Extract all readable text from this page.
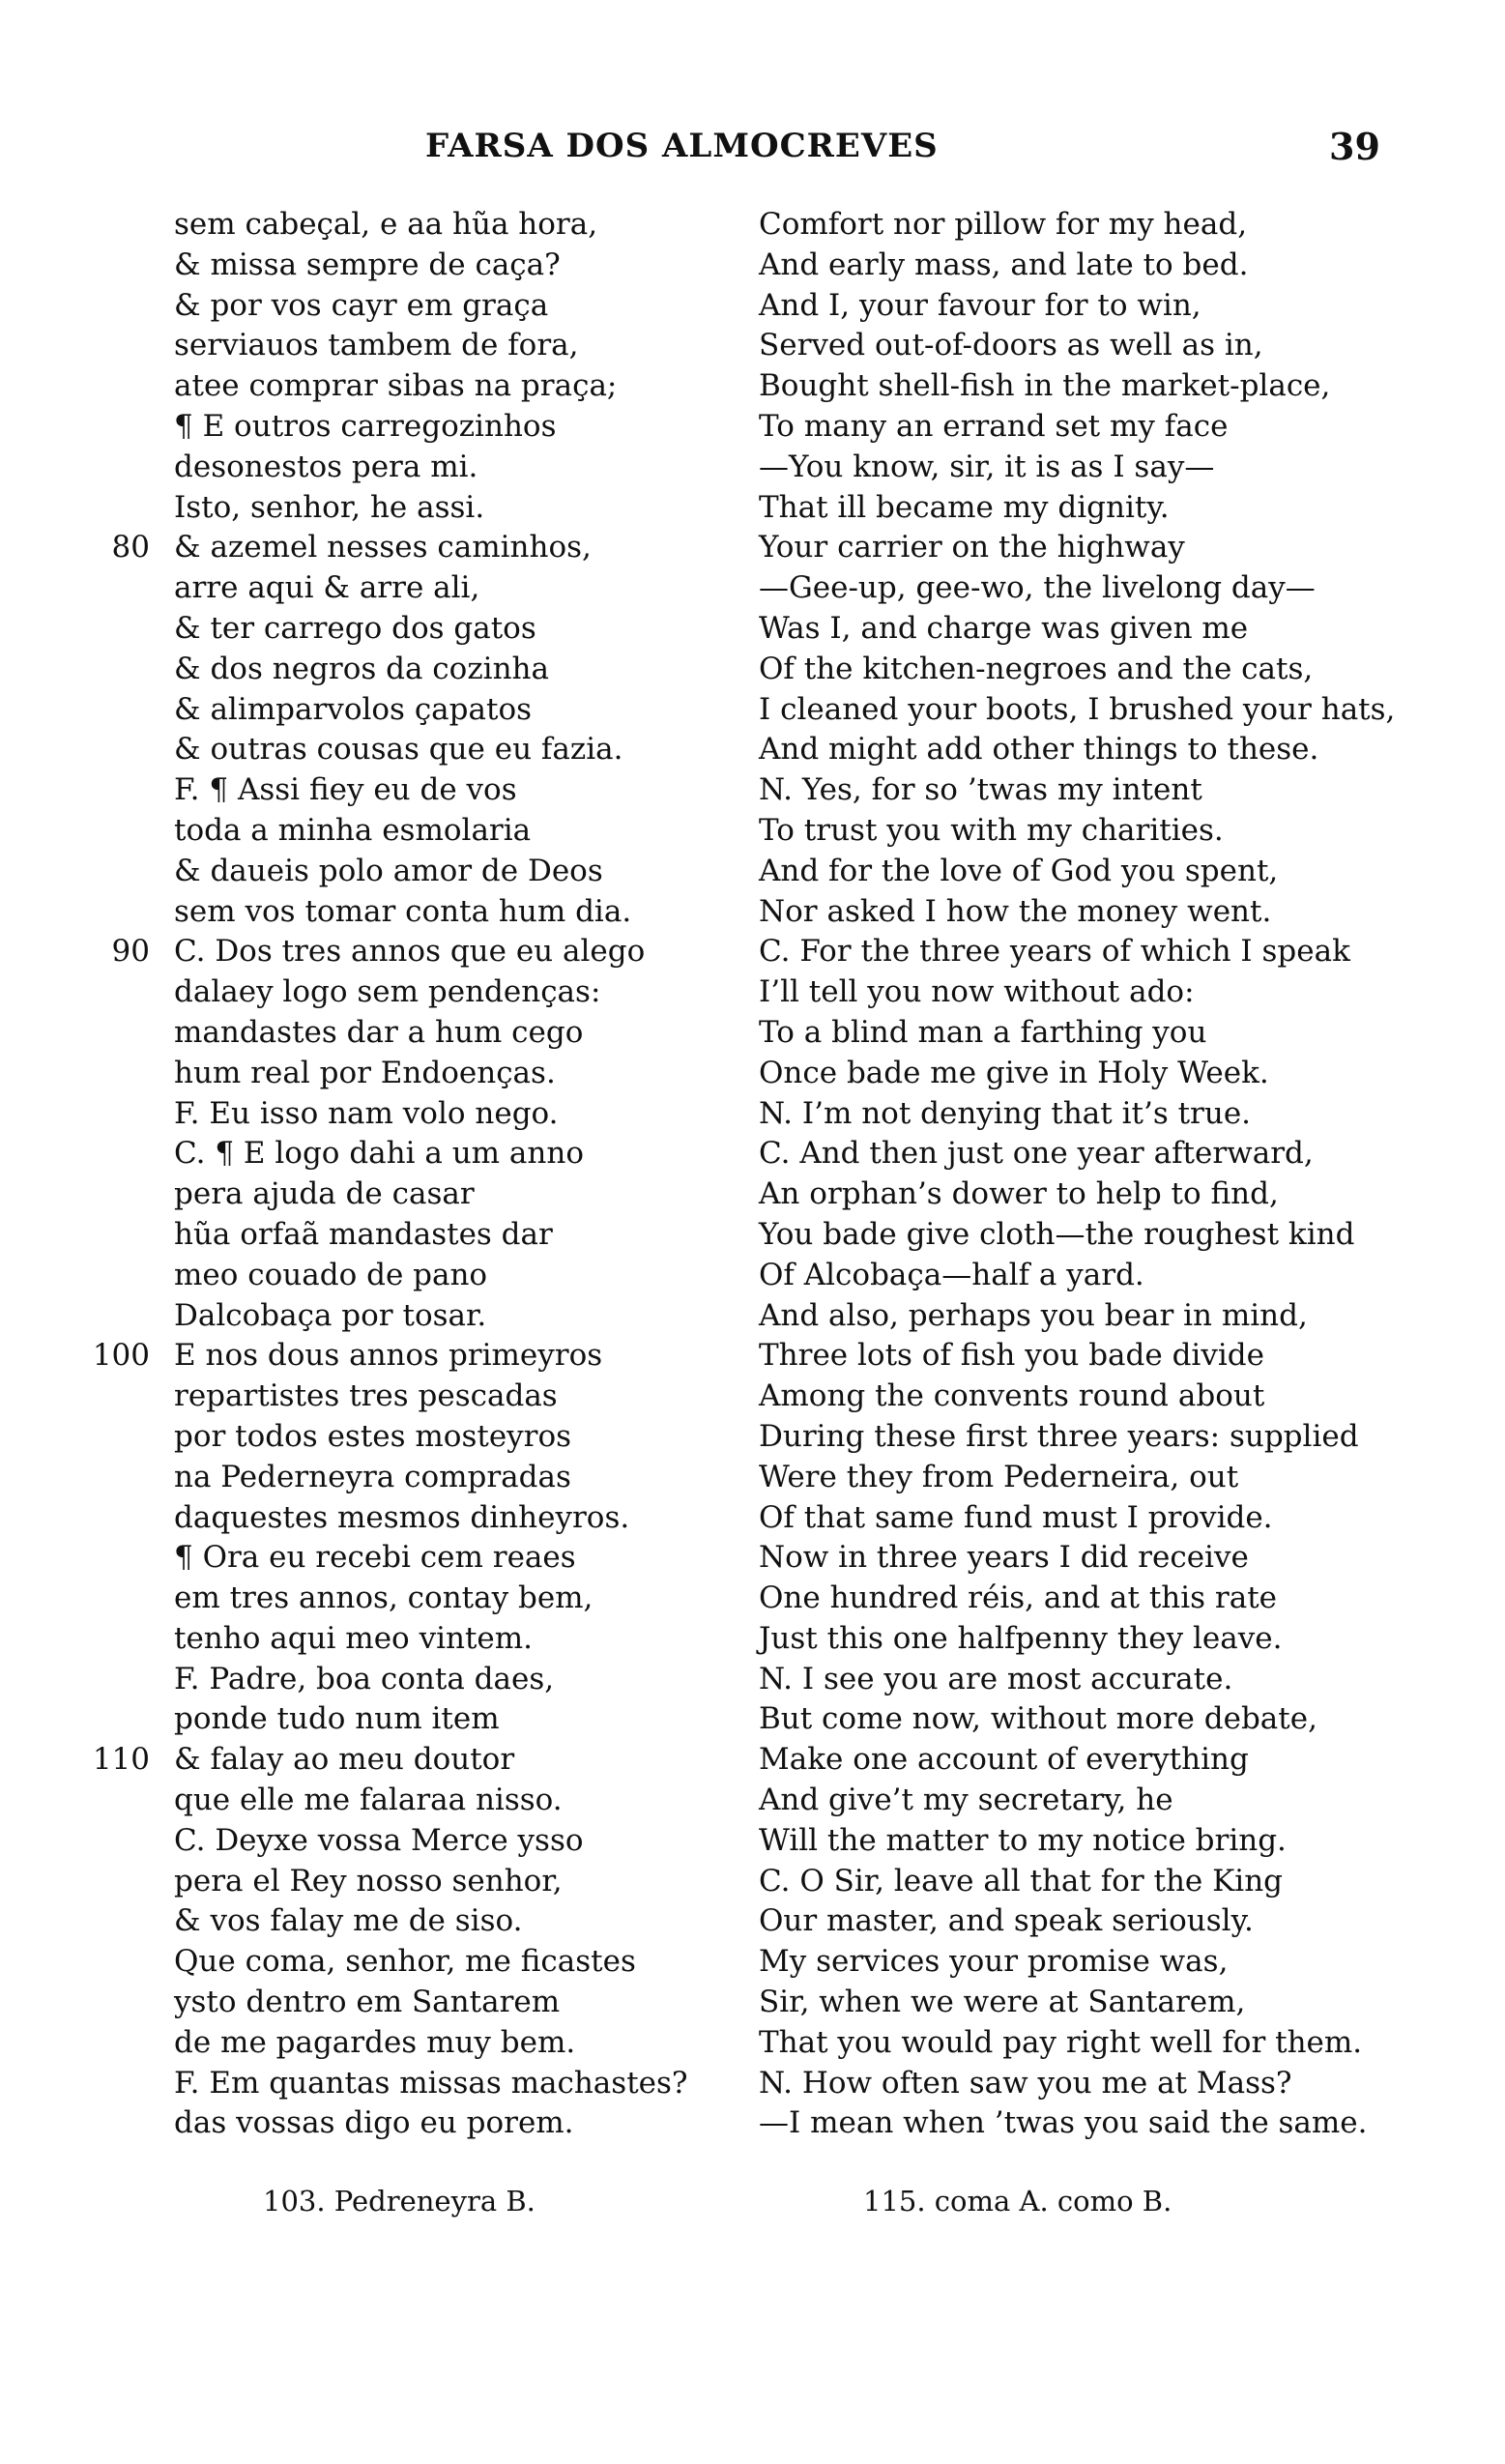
FARSA DOS ALMOCREVES	39
sem cabeçal, e aa hũa hora,
& missa sempre de caça?
& por vos cayr em graça
serviauos tambem de fora,
atee comprar sibas na praça;
¶ E outros carregozinhos
desonestos pera mi.
Isto, senhor, he assi.
80 & azemel nesses caminhos,
arre aqui & arre ali,
& ter carrego dos gatos
& dos negros da cozinha
& alimparvolos çapatos
& outras cousas que eu fazia.
F. ¶ Assi fiey eu de vos
toda a minha esmolaria
& daueis polo amor de Deos
sem vos tomar conta hum dia.
90 C. Dos tres annos que eu alego
dalaey logo sem pendenças:
mandastes dar a hum cego
hum real por Endoenças.
F. Eu isso nam volo nego.
C. ¶ E logo dahi a um anno
pera ajuda de casar
hũa orfaã mandastes dar
meo couado de pano
Dalcobaça por tosar.
100 E nos dous annos primeyros
repartistes tres pescadas
por todos estes mosteyros
na Pederneyra compradas
daquestes mesmos dinheyros.
¶ Ora eu recebi cem reaes
em tres annos, contay bem,
tenho aqui meo vintem.
F. Padre, boa conta daes,
ponde tudo num item
110 & falay ao meu doutor
que elle me falaraa nisso.
C. Deyxe vossa Merce ysso
pera el Rey nosso senhor,
& vos falay me de siso.
Que coma, senhor, me ficastes
ysto dentro em Santarem
de me pagardes muy bem.
F. Em quantas missas machastes?
das vossas digo eu porem.
Comfort nor pillow for my head,
And early mass, and late to bed.
And I, your favour for to win,
Served out-of-doors as well as in,
Bought shell-fish in the market-place,
To many an errand set my face
—You know, sir, it is as I say—
That ill became my dignity.
Your carrier on the highway
—Gee-up, gee-wo, the livelong day—
Was I, and charge was given me
Of the kitchen-negroes and the cats,
I cleaned your boots, I brushed your hats,
And might add other things to these.
N. Yes, for so ’twas my intent
To trust you with my charities.
And for the love of God you spent,
Nor asked I how the money went.
C. For the three years of which I speak
I’ll tell you now without ado:
To a blind man a farthing you
Once bade me give in Holy Week.
N. I’m not denying that it’s true.
C. And then just one year afterward,
An orphan’s dower to help to find,
You bade give cloth—the roughest kind
Of Alcobaça—half a yard.
And also, perhaps you bear in mind,
Three lots of fish you bade divide
Among the convents round about
During these first three years: supplied
Were they from Pederneira, out
Of that same fund must I provide.
Now in three years I did receive
One hundred réis, and at this rate
Just this one halfpenny they leave.
N. I see you are most accurate.
But come now, without more debate,
Make one account of everything
And give’t my secretary, he
Will the matter to my notice bring.
C. O Sir, leave all that for the King
Our master, and speak seriously.
My services your promise was,
Sir, when we were at Santarem,
That you would pay right well for them.
N. How often saw you me at Mass?
—I mean when ’twas you said the same.
103. Pedreneyra B.	115. coma A. como B.
